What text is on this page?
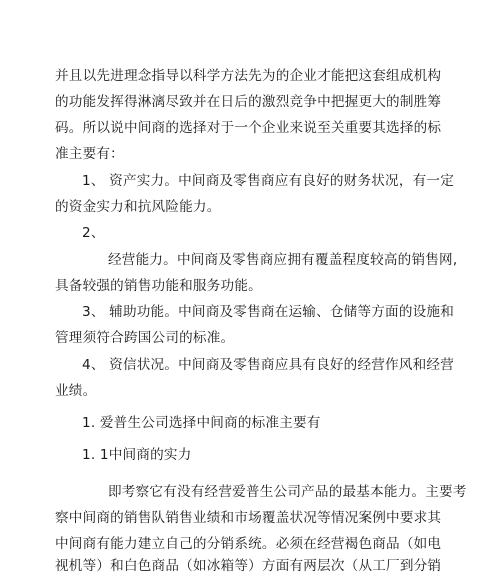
并且以先进理念指导以科学方法先为的企业才能把这套组成机构
的功能发挥得淋漓尽致并在日后的激烈竞争中把握更大的制胜筹
码。所以说中间商的选择对于一个企业来说至关重要其选择的标
准主要有：
1、 资产实力。中间商及零售商应有良好的财务状况，有一定
的资金实力和抗风险能力。
2、
经营能力。中间商及零售商应拥有覆盖程度较高的销售网,
具备较强的销售功能和服务功能。
3、 辅助功能。中间商及零售商在运输、仓储等方面的设施和
管理须符合跨国公司的标准。
4、 资信状况。中间商及零售商应具有良好的经营作风和经营
业绩。
1. 爱普生公司选择中间商的标准主要有
1. 1中间商的实力
即考察它有没有经营爱普生公司产品的最基本能力。主要考
察中间商的销售队销售业绩和市场覆盖状况等情况案例中要求其
中间商有能力建立自己的分销系统。必须在经营褐色商品（如电
视机等）和白色商品（如冰箱等）方面有两层次（从工厂到分销
